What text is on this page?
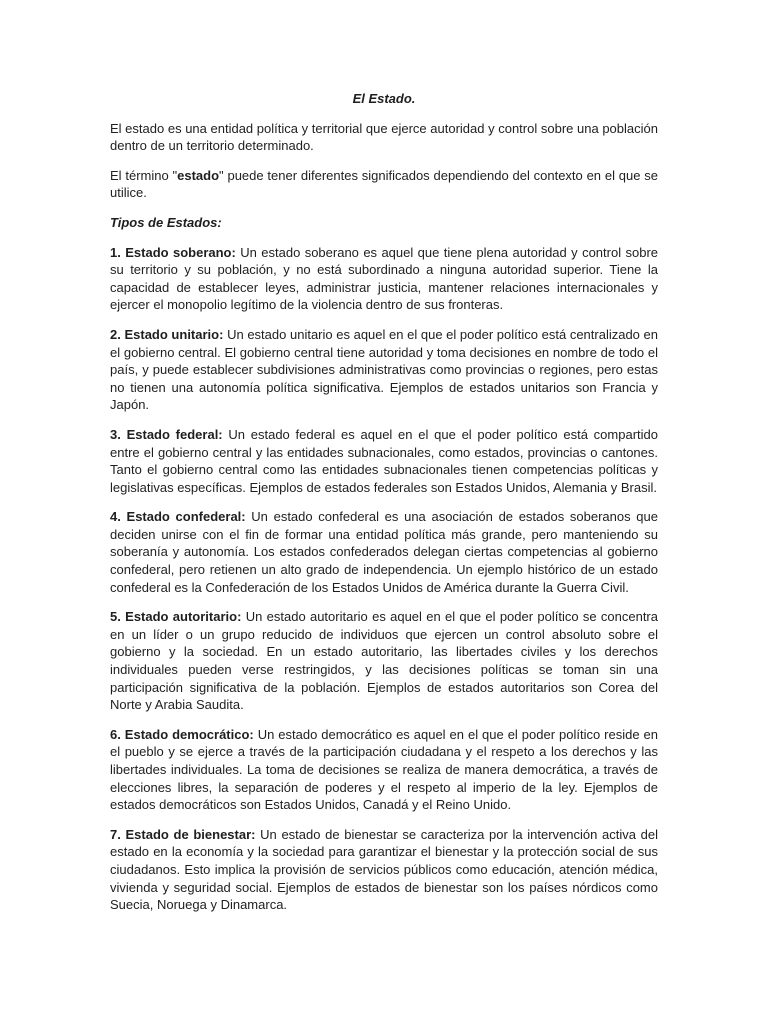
El Estado.

El estado es una entidad política y territorial que ejerce autoridad y control sobre una población dentro de un territorio determinado.

El término "estado" puede tener diferentes significados dependiendo del contexto en el que se utilice.

Tipos de Estados:

1. Estado soberano: Un estado soberano es aquel que tiene plena autoridad y control sobre su territorio y su población, y no está subordinado a ninguna autoridad superior. Tiene la capacidad de establecer leyes, administrar justicia, mantener relaciones internacionales y ejercer el monopolio legítimo de la violencia dentro de sus fronteras.

2. Estado unitario: Un estado unitario es aquel en el que el poder político está centralizado en el gobierno central. El gobierno central tiene autoridad y toma decisiones en nombre de todo el país, y puede establecer subdivisiones administrativas como provincias o regiones, pero estas no tienen una autonomía política significativa. Ejemplos de estados unitarios son Francia y Japón.

3. Estado federal: Un estado federal es aquel en el que el poder político está compartido entre el gobierno central y las entidades subnacionales, como estados, provincias o cantones. Tanto el gobierno central como las entidades subnacionales tienen competencias políticas y legislativas específicas. Ejemplos de estados federales son Estados Unidos, Alemania y Brasil.

4. Estado confederal: Un estado confederal es una asociación de estados soberanos que deciden unirse con el fin de formar una entidad política más grande, pero manteniendo su soberanía y autonomía. Los estados confederados delegan ciertas competencias al gobierno confederal, pero retienen un alto grado de independencia. Un ejemplo histórico de un estado confederal es la Confederación de los Estados Unidos de América durante la Guerra Civil.

5. Estado autoritario: Un estado autoritario es aquel en el que el poder político se concentra en un líder o un grupo reducido de individuos que ejercen un control absoluto sobre el gobierno y la sociedad. En un estado autoritario, las libertades civiles y los derechos individuales pueden verse restringidos, y las decisiones políticas se toman sin una participación significativa de la población. Ejemplos de estados autoritarios son Corea del Norte y Arabia Saudita.

6. Estado democrático: Un estado democrático es aquel en el que el poder político reside en el pueblo y se ejerce a través de la participación ciudadana y el respeto a los derechos y las libertades individuales. La toma de decisiones se realiza de manera democrática, a través de elecciones libres, la separación de poderes y el respeto al imperio de la ley. Ejemplos de estados democráticos son Estados Unidos, Canadá y el Reino Unido.

7. Estado de bienestar: Un estado de bienestar se caracteriza por la intervención activa del estado en la economía y la sociedad para garantizar el bienestar y la protección social de sus ciudadanos. Esto implica la provisión de servicios públicos como educación, atención médica, vivienda y seguridad social. Ejemplos de estados de bienestar son los países nórdicos como Suecia, Noruega y Dinamarca.
